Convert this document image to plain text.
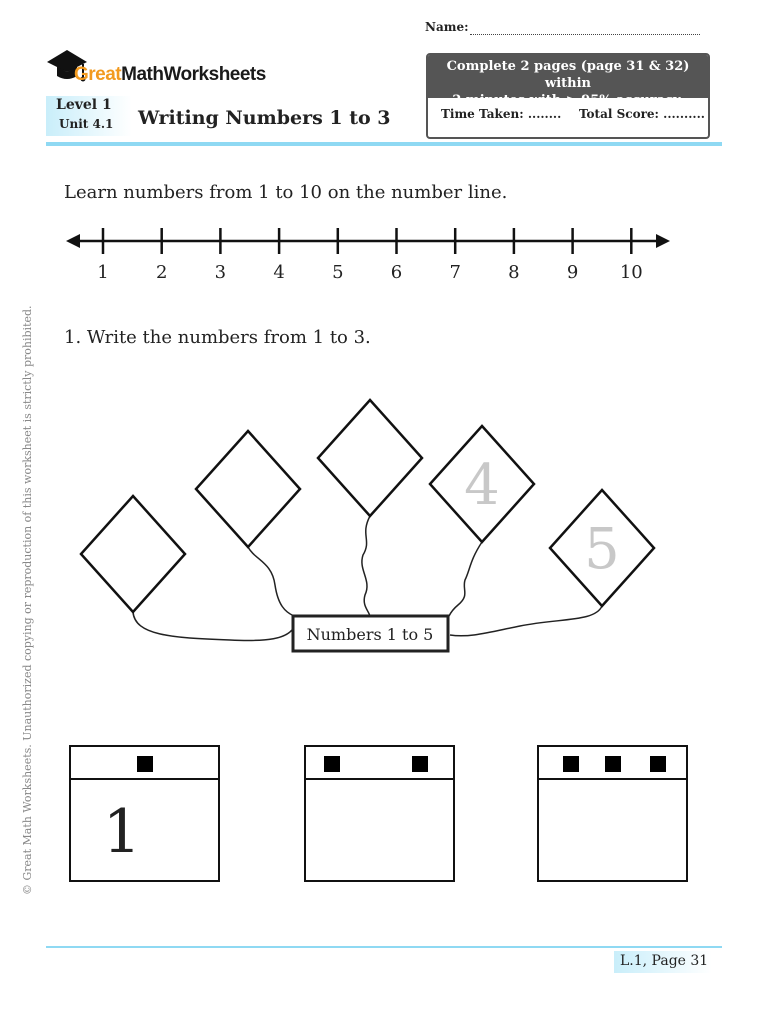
Name:
GreatMathWorksheets
Level 1
Unit 4.1 Writing Numbers 1 to 3
Complete 2 pages (page 31 & 32) within
2 minutes with > 95% accuracy.
Time Taken: ........ Total Score: ..........
Learn numbers from 1 to 10 on the number line.
1	2	3	4	5	6	7	8	9 10
1. Write the numbers from 1 to 3.
4
5
Numbers 1 to 5
L.1, Page 31
© Great Math Worksheets. Unauthorized copying or reproduction of this worksheet is strictly prohibited.
